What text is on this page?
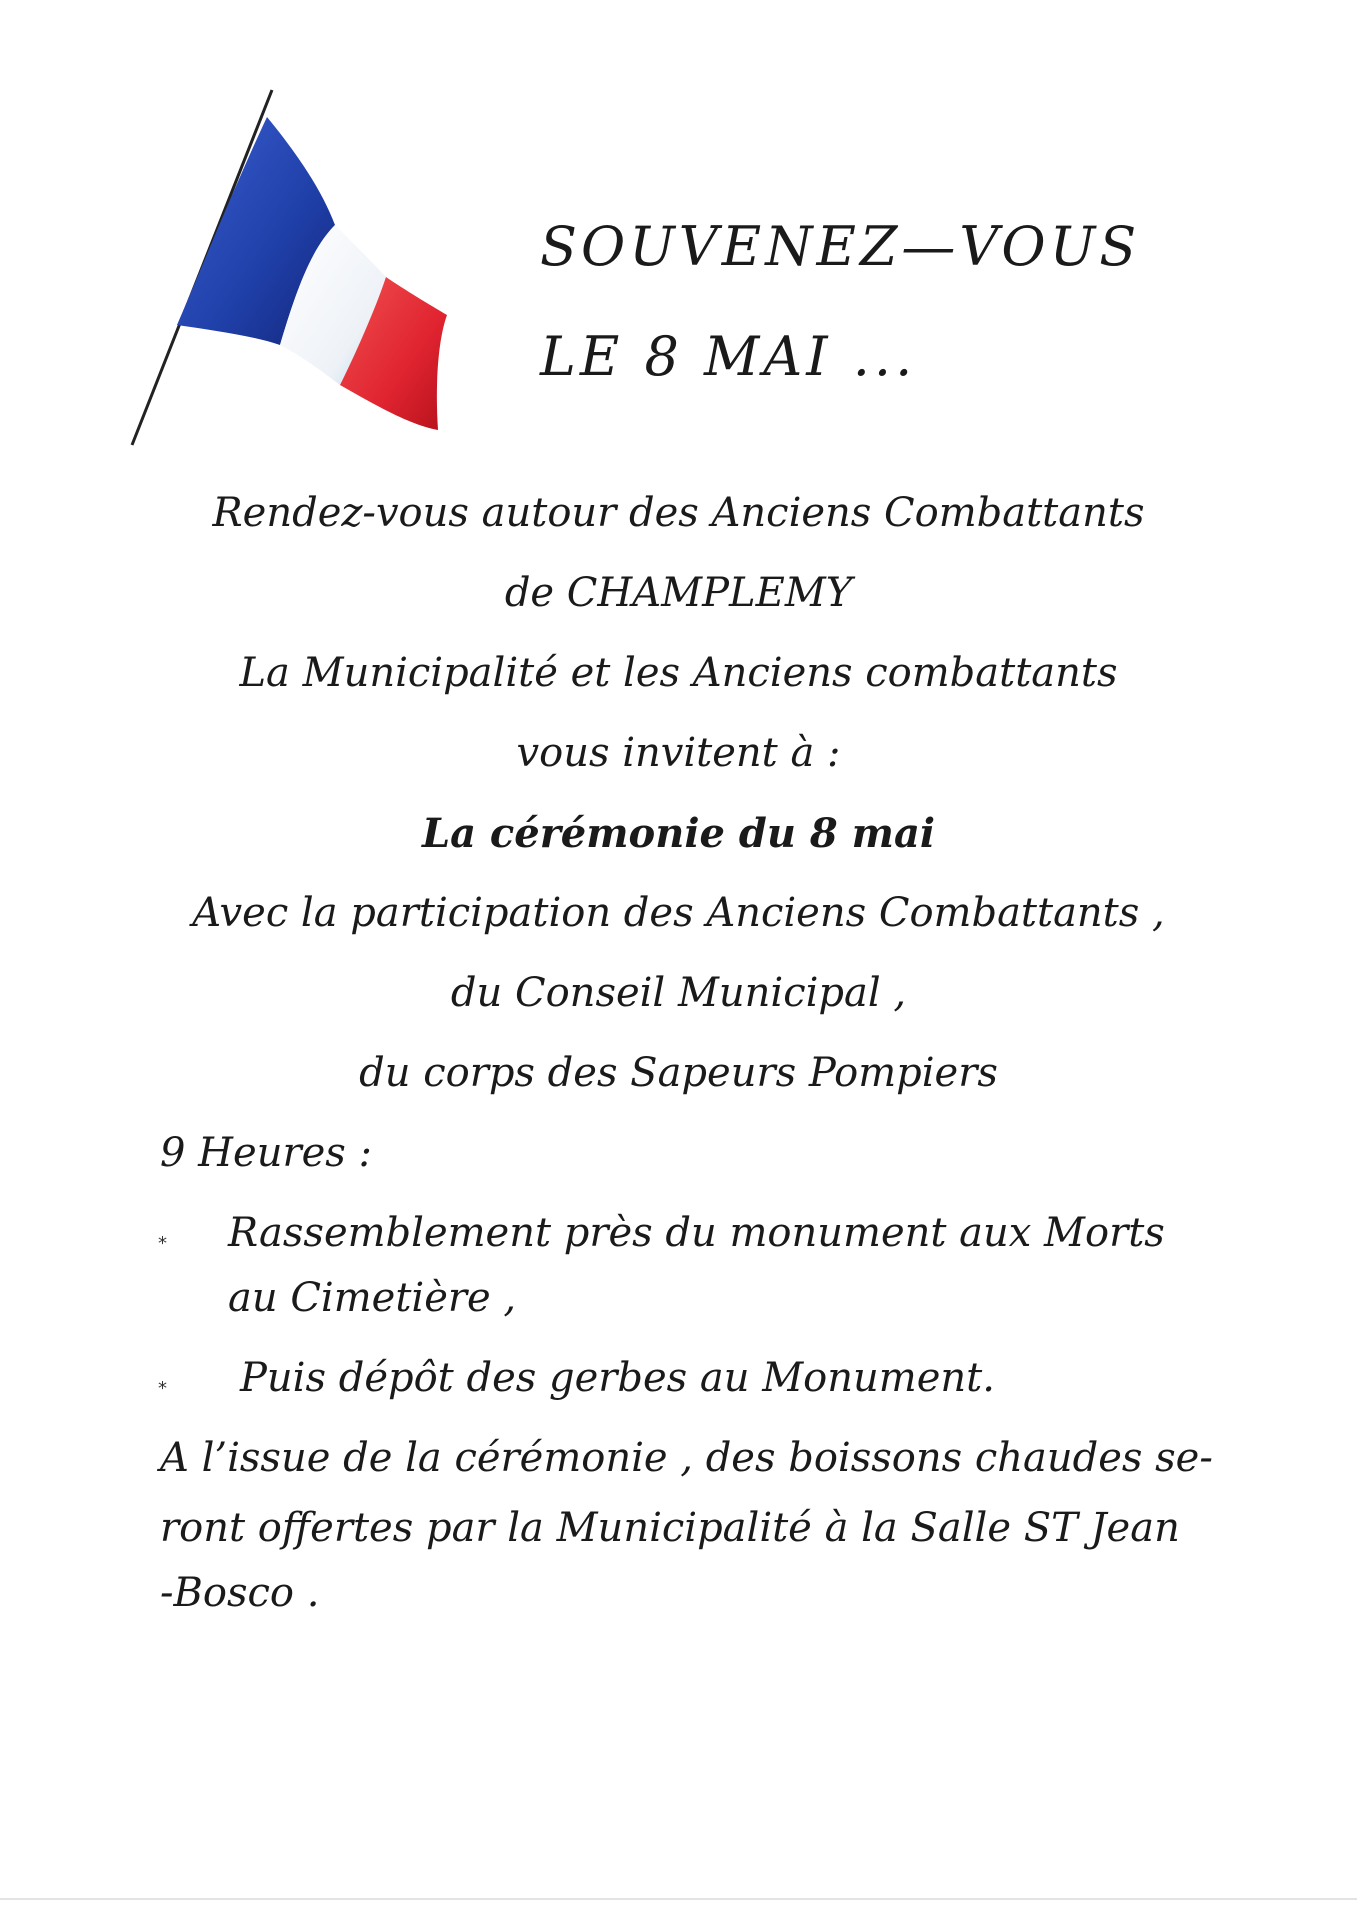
SOUVENEZ—VOUS
LE 8 MAI ...
Rendez-vous autour des Anciens Combattants
de CHAMPLEMY
La Municipalité et les Anciens combattants
vous invitent à :
La cérémonie du 8 mai
Avec la participation des Anciens Combattants ,
du Conseil Municipal ,
du corps des Sapeurs Pompiers
9 Heures :
* Rassemblement près du monument aux Morts
au Cimetière ,
* Puis dépôt des gerbes au Monument.
A l’issue de la cérémonie , des boissons chaudes se-
ront offertes par la Municipalité à la Salle ST Jean
-Bosco .
